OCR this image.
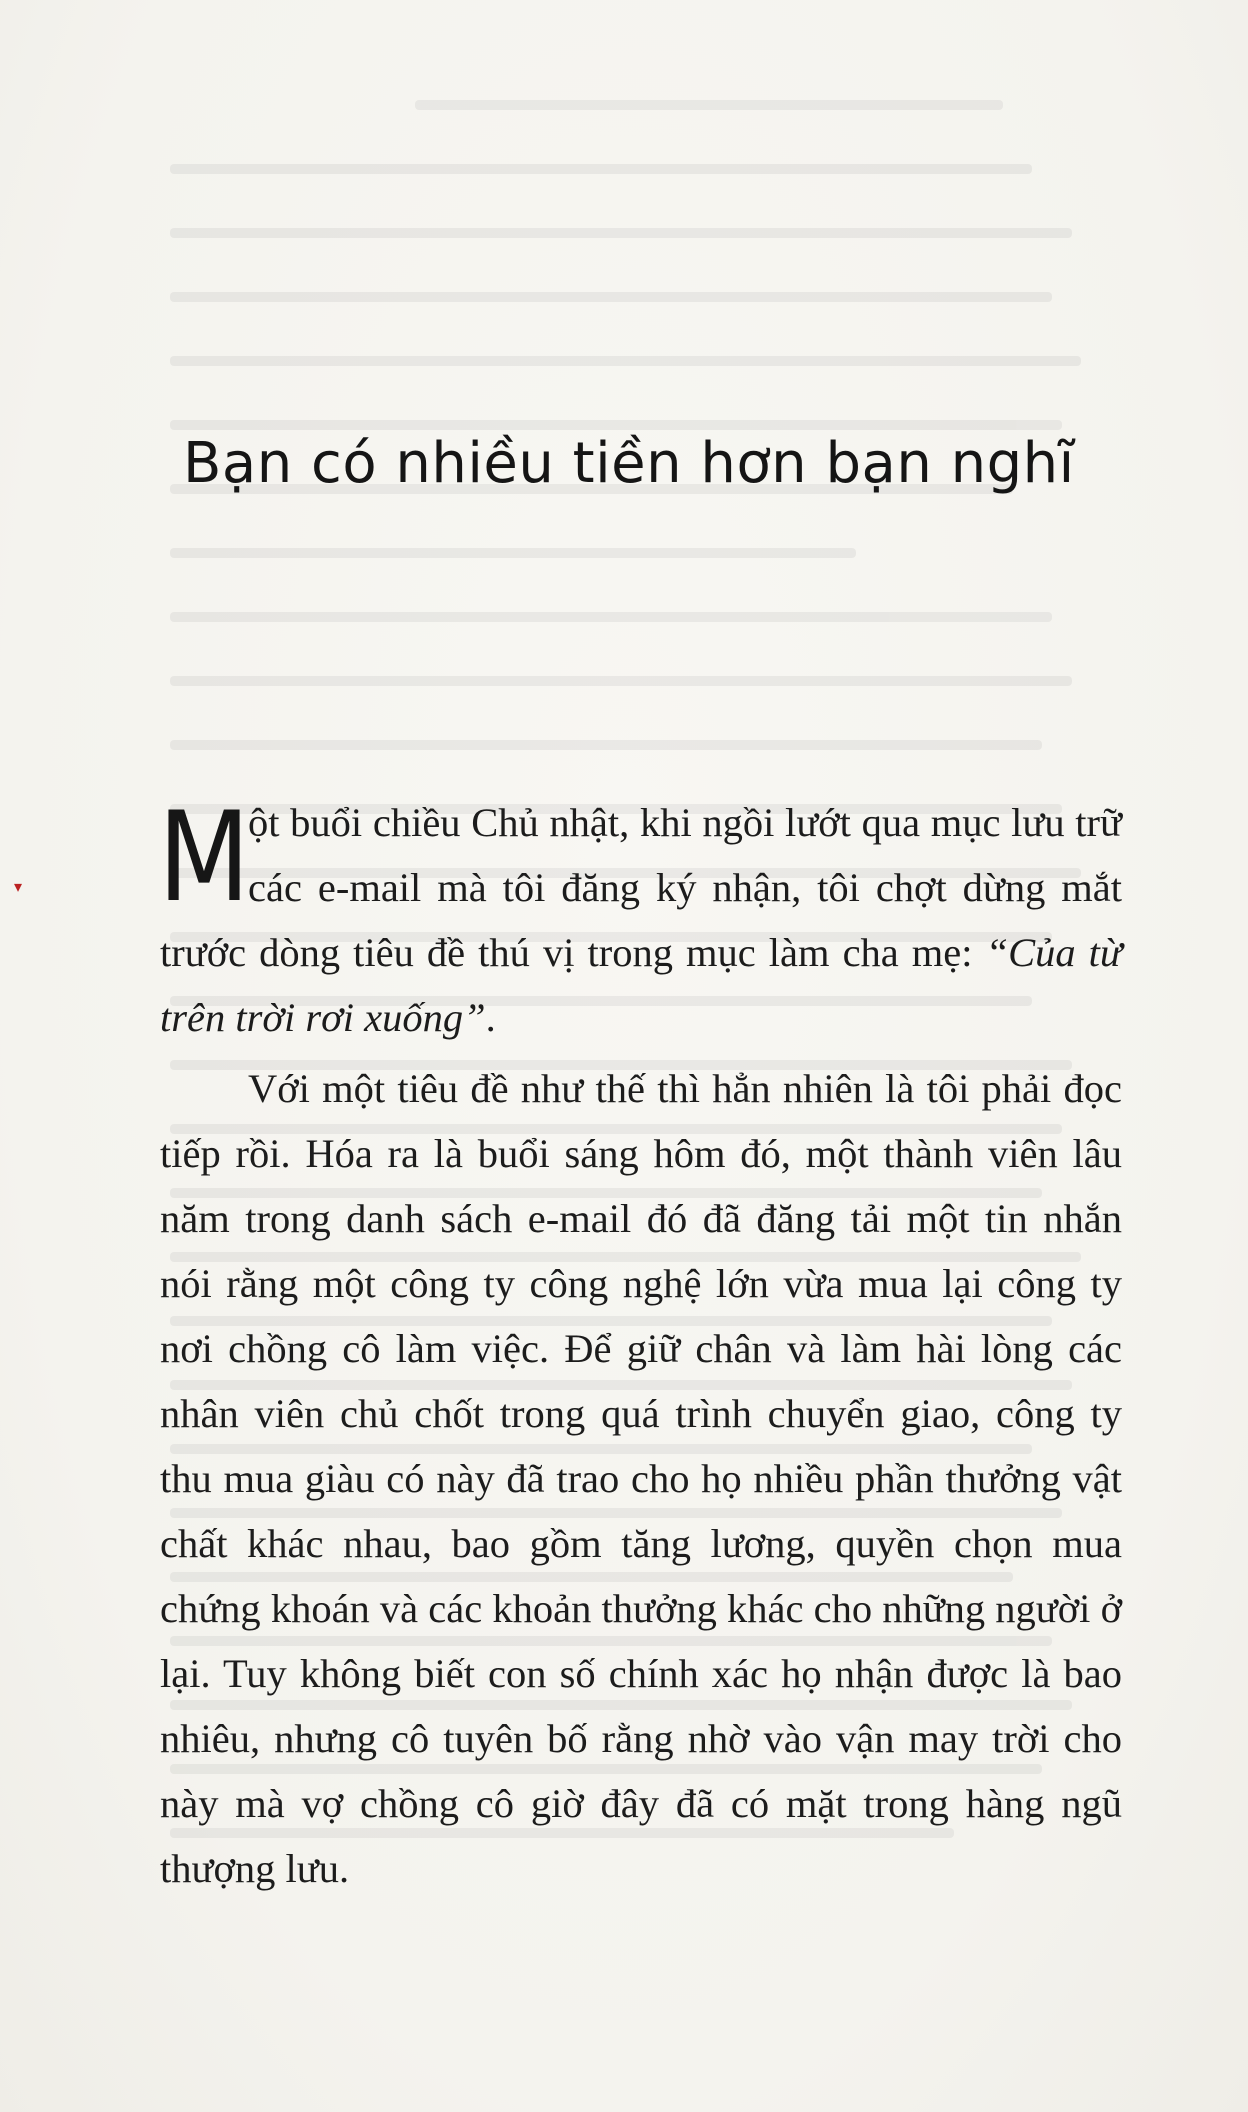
▾
Bạn có nhiều tiền hơn bạn nghĩ

M
ột buổi chiều Chủ nhật, khi ngồi lướt qua mục lưu trữ các e-mail mà tôi đăng ký nhận, tôi chợt dừng mắt trước dòng tiêu đề thú vị trong mục làm cha mẹ: “Của từ trên trời rơi xuống”.

Với một tiêu đề như thế thì hẳn nhiên là tôi phải đọc tiếp rồi. Hóa ra là buổi sáng hôm đó, một thành viên lâu năm trong danh sách e-mail đó đã đăng tải một tin nhắn nói rằng một công ty công nghệ lớn vừa mua lại công ty nơi chồng cô làm việc. Để giữ chân và làm hài lòng các nhân viên chủ chốt trong quá trình chuyển giao, công ty thu mua giàu có này đã trao cho họ nhiều phần thưởng vật chất khác nhau, bao gồm tăng lương, quyền chọn mua chứng khoán và các khoản thưởng khác cho những người ở lại. Tuy không biết con số chính xác họ nhận được là bao nhiêu, nhưng cô tuyên bố rằng nhờ vào vận may trời cho này mà vợ chồng cô giờ đây đã có mặt trong hàng ngũ thượng lưu.
